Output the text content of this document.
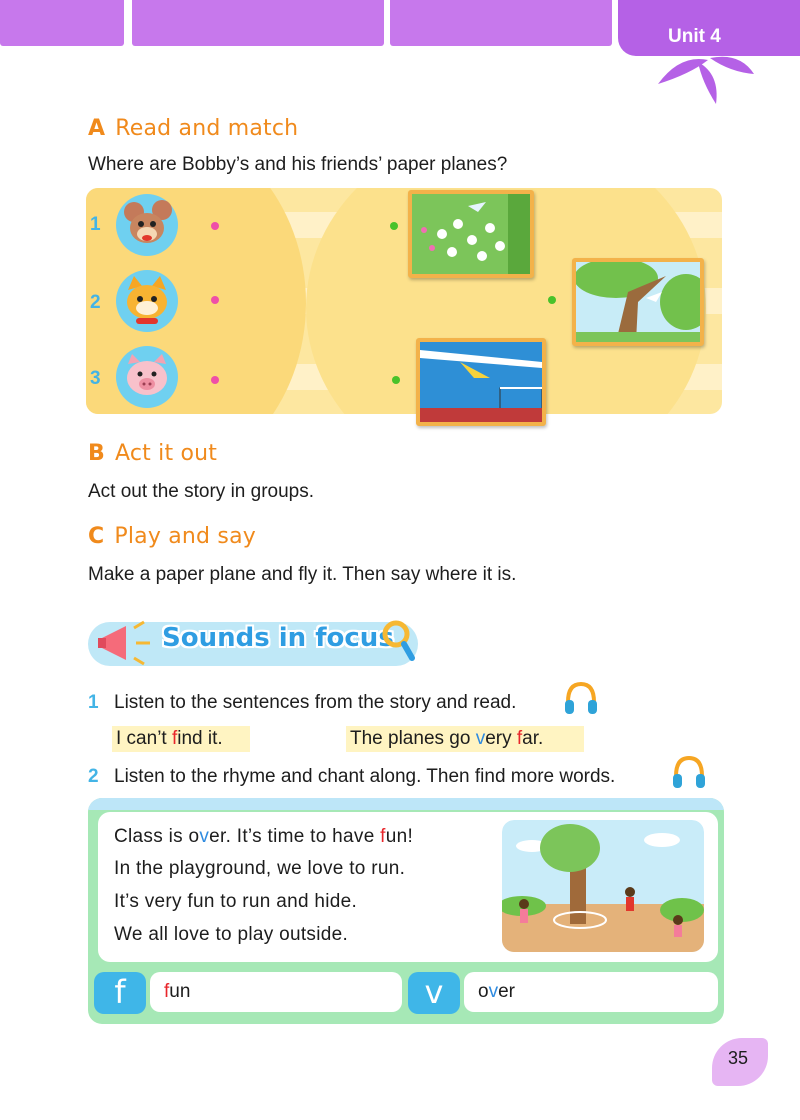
Unit 4
A Read and match
Where are Bobby’s and his friends’ paper planes?
1
2
3
B Act it out
Act out the story in groups.
C Play and say
Make a paper plane and fly it. Then say where it is.
Sounds in focus
1 Listen to the sentences from the story and read.
I can’t find it.	The planes go very far.
2 Listen to the rhyme and chant along. Then find more words.
Class is over. It’s time to have fun!
In the playground, we love to run.
It’s very fun to run and hide.
We all love to play outside.
f	fun	v	over
35
